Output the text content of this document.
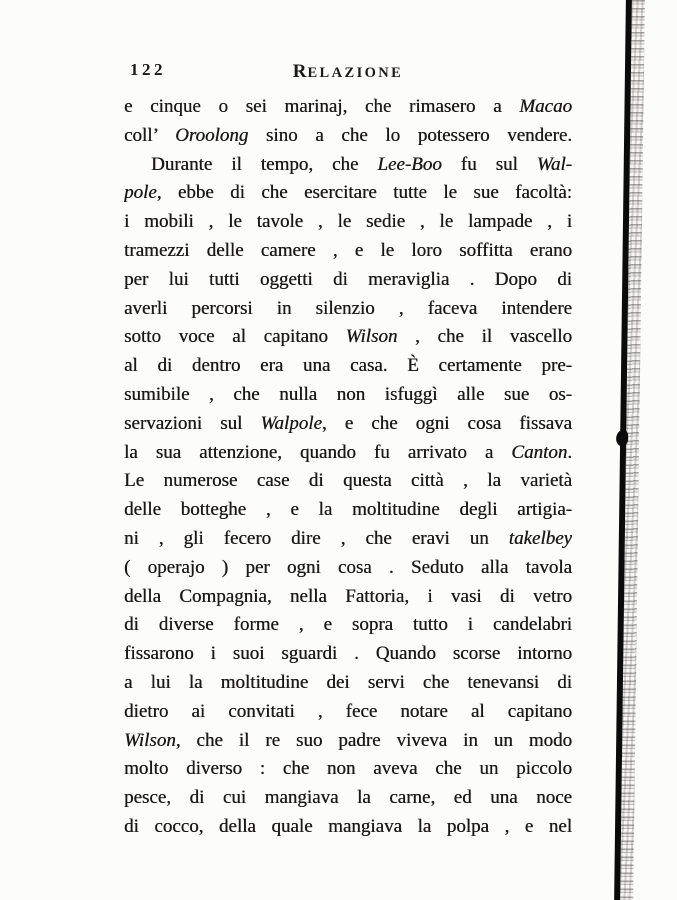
122	RELAZIONE
e cinque o sei marinaj, che rimasero a Macao
coll’ Oroolong sino a che lo potessero vendere.
Durante il tempo, che Lee-Boo fu sul Wal-
pole, ebbe di che esercitare tutte le sue facoltà:
i mobili , le tavole , le sedie , le lampade , i
tramezzi delle camere , e le loro soffitta erano
per lui tutti oggetti di meraviglia . Dopo di
averli percorsi in silenzio , faceva intendere
sotto voce al capitano Wilson , che il vascello
al di dentro era una casa. È certamente pre-
sumibile , che nulla non isfuggì alle sue os-
servazioni sul Walpole, e che ogni cosa fissava
la sua attenzione, quando fu arrivato a Canton.
Le numerose case di questa città , la varietà
delle botteghe , e la moltitudine degli artigia-
ni , gli fecero dire , che eravi un takelbey
( operajo ) per ogni cosa . Seduto alla tavola
della Compagnia, nella Fattoria, i vasi di vetro
di diverse forme , e sopra tutto i candelabri
fissarono i suoi sguardi . Quando scorse intorno
a lui la moltitudine dei servi che tenevansi di
dietro ai convitati , fece notare al capitano
Wilson, che il re suo padre viveva in un modo
molto diverso : che non aveva che un piccolo
pesce, di cui mangiava la carne, ed una noce
di cocco, della quale mangiava la polpa , e nel
